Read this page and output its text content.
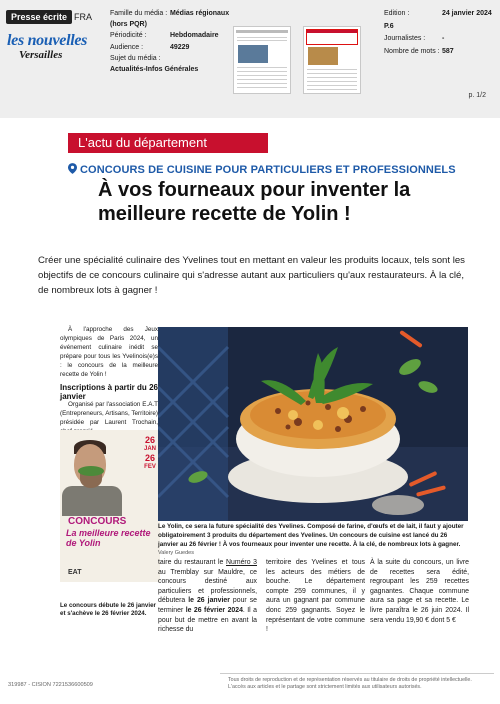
Presse écrite FRA
les nouvelles
Versailles
Famille du média : Médias régionaux
(hors PQR)
Périodicité :	Hebdomadaire
Audience :	49229
Sujet du média :
Actualités-Infos Générales
Edition :	24 janvier 2024 P.6
Journalistes : -
Nombre de mots : 587
p. 1/2
L'actu du département
CONCOURS DE CUISINE POUR PARTICULIERS ET PROFESSIONNELS
À vos fourneaux pour inventer la meilleure recette de Yolin !

Créer une spécialité culinaire des Yvelines tout en mettant en valeur les produits locaux, tels sont les objectifs de ce concours culinaire qui s'adresse autant aux particuliers qu'aux restaurateurs. À la clé, de nombreux lots à gagner !

À l'approche des Jeux olympiques de Paris 2024, un événement culinaire inédit se prépare pour tous les Yvelinois(e)s : le concours de la meilleure recette de Yolin !

Inscriptions à partir du 26 janvier

Organisé par l'association E.A.T (Entrepreneurs, Artisans, Territoire) présidée par Laurent Trochain,

26
JAN
26
FEV
CONCOURS
La meilleure recette de Yolin
EAT
Le concours débute le 26 janvier et s'achève le 26 février 2024.
Le Yolin, ce sera la future spécialité des Yvelines. Composé de farine, d'œufs et de lait, il faut y ajouter obligatoirement 3 produits du département des Yvelines. Un concours de cuisine est lancé du 26 janvier au 26 février ! À vos fourneaux pour inventer une recette. À la clé, de nombreux lots à gagner. Valery Guedes
taire du restaurant le Numéro 3 au Tremblay sur Mauldre, ce concours destiné aux particuliers et professionnels, débutera le 26 janvier pour se terminer le 26 février 2024. Il a pour but de mettre en avant la richesse du
territoire des Yvelines et tous les acteurs des métiers de bouche. Le département compte 259 communes, il y aura un gagnant par commune donc 259 gagnants. Soyez le représentant de votre commune !
À la suite du concours, un livre de recettes sera édité, regroupant les 259 recettes gagnantes. Chaque commune aura sa page et sa recette. Le livre paraîtra le 26 juin 2024. Il sera vendu 19,90 € dont 5 €
319987 - CISION 7221536600509
Tous droits de reproduction et de représentation réservés au titulaire de droits de propriété intellectuelle. L'accès aux articles et le partage sont strictement limités aux utilisateurs autorisés.
